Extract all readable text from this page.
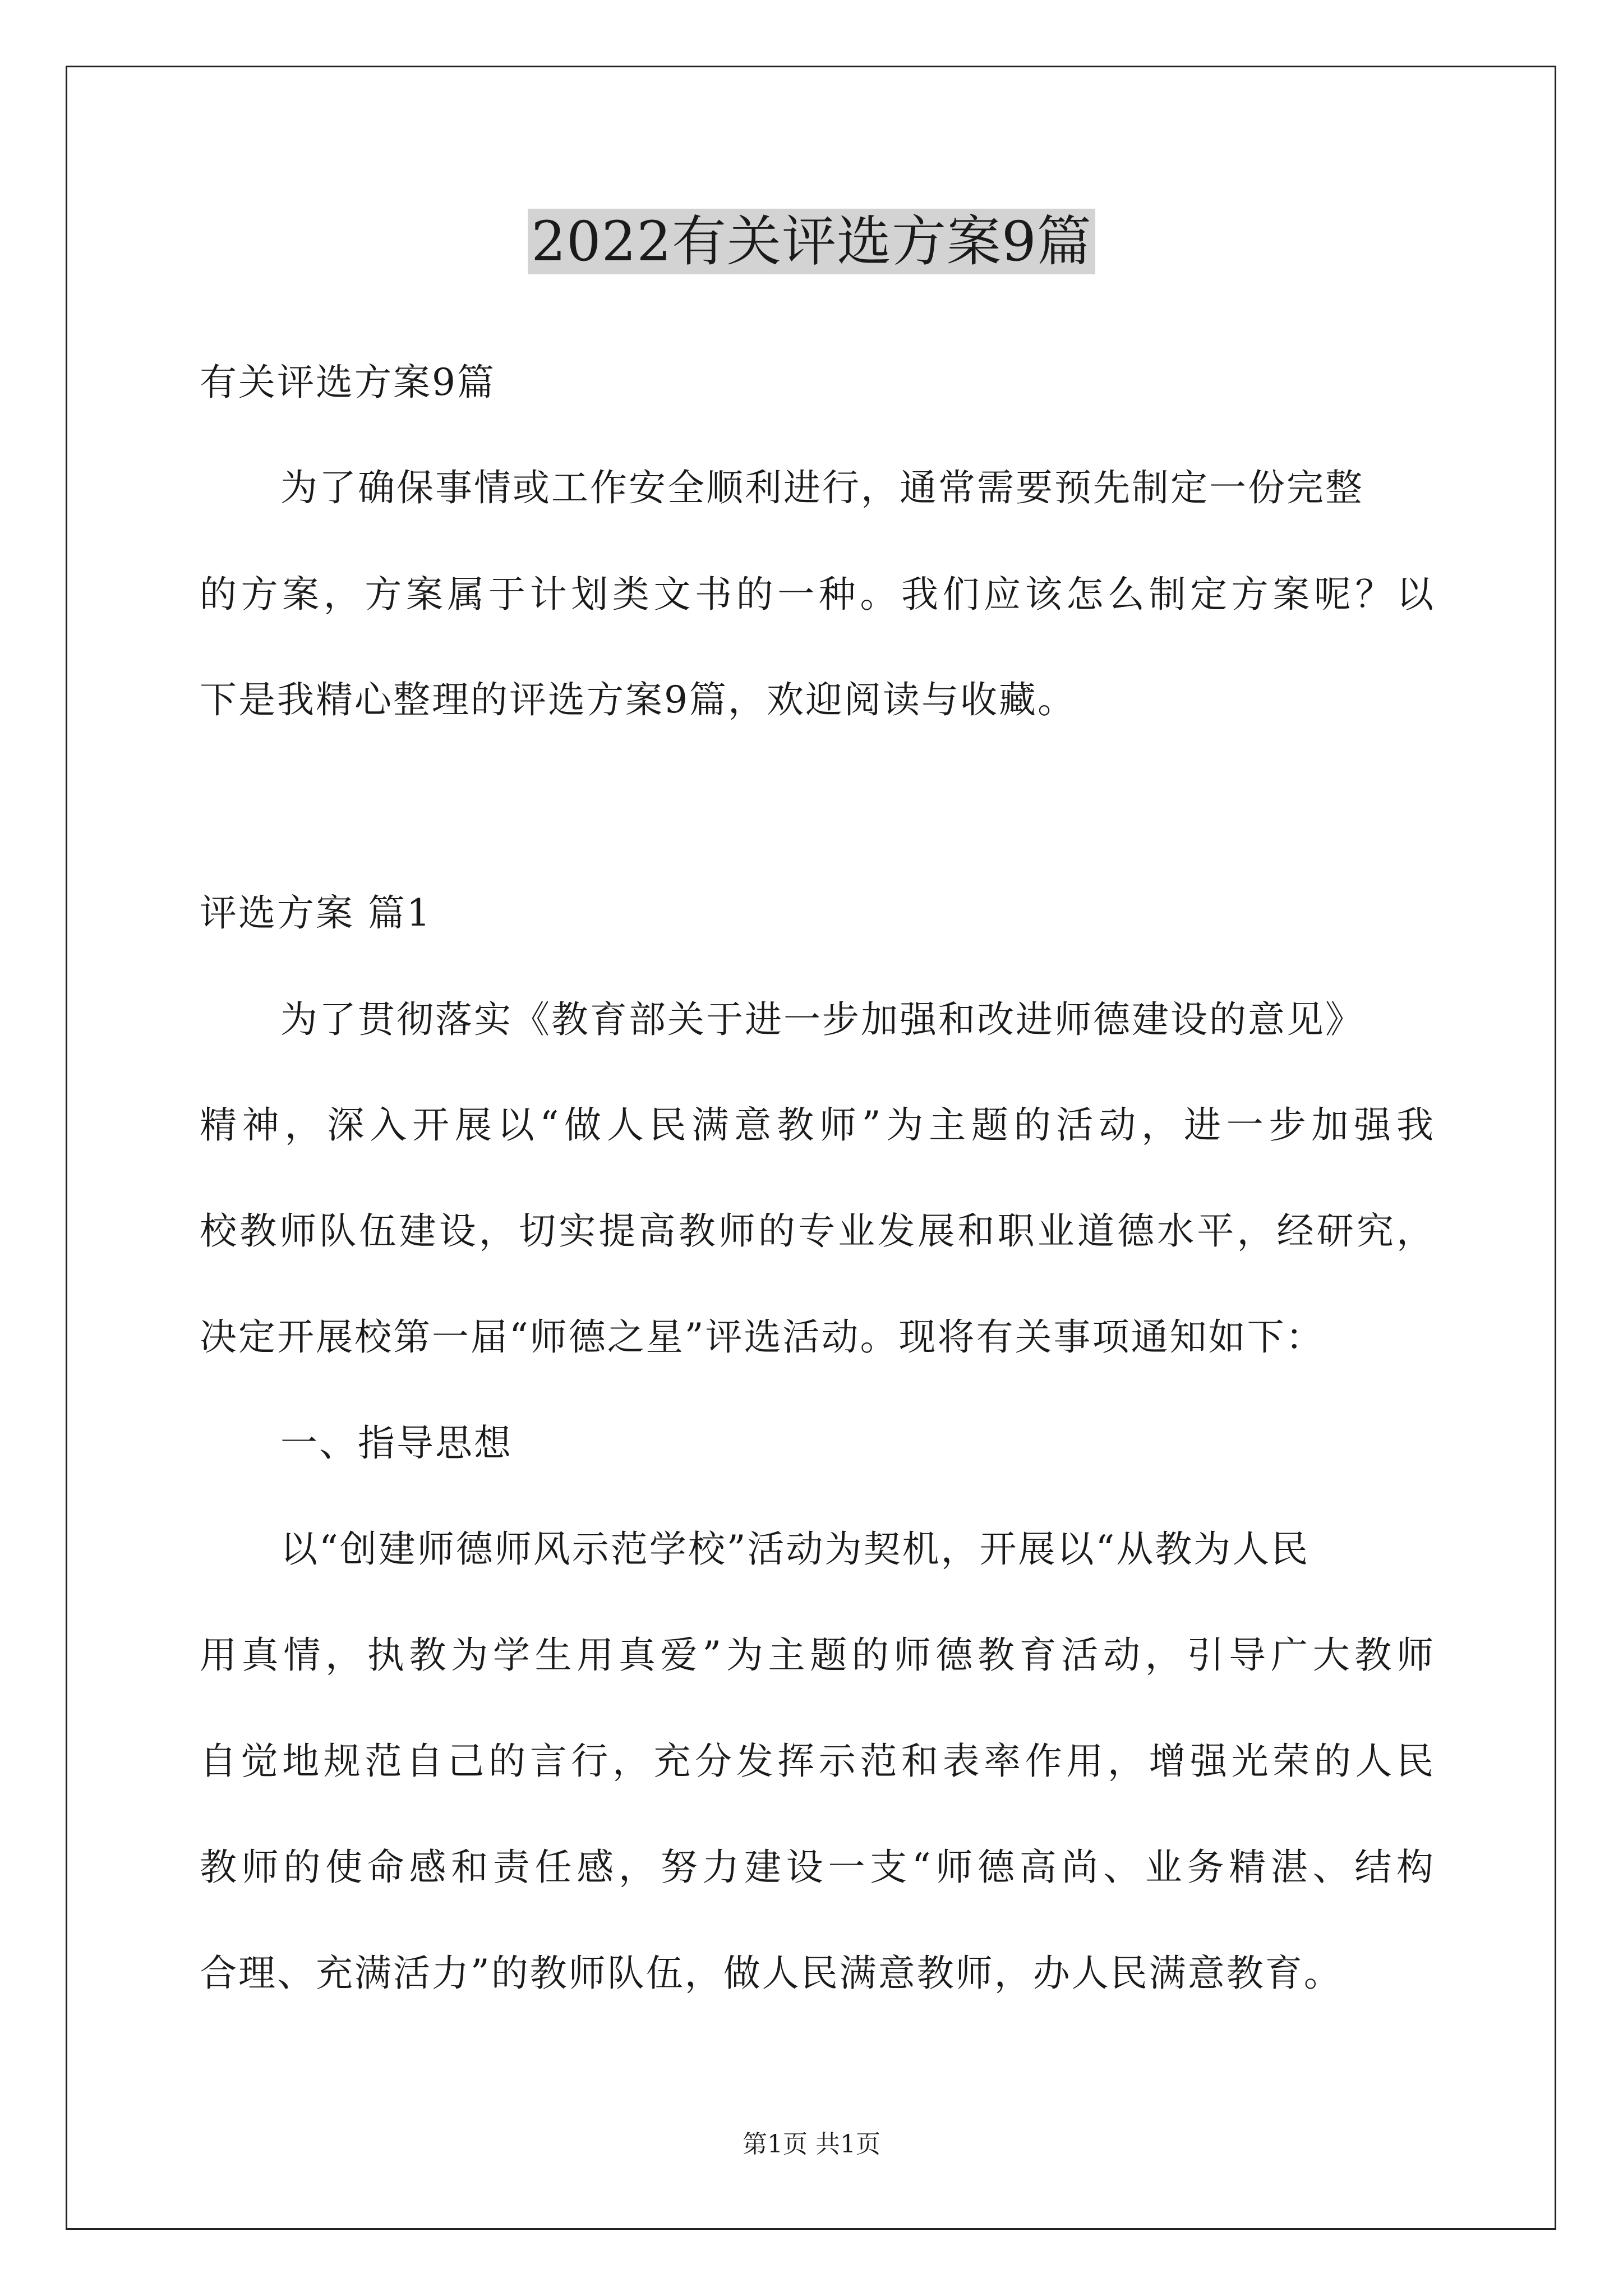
2022有关评选方案9篇
有关评选方案9篇
为了确保事情或工作安全顺利进行，通常需要预先制定一份完整
的方案，方案属于计划类文书的一种。我们应该怎么制定方案呢？以
下是我精心整理的评选方案9篇，欢迎阅读与收藏。
评选方案 篇1
为了贯彻落实《教育部关于进一步加强和改进师德建设的意见》
精神，深入开展以“做人民满意教师”为主题的活动，进一步加强我
校教师队伍建设，切实提高教师的专业发展和职业道德水平，经研究，
决定开展校第一届“师德之星”评选活动。现将有关事项通知如下：
一、指导思想
以“创建师德师风示范学校”活动为契机，开展以“从教为人民
用真情，执教为学生用真爱”为主题的师德教育活动，引导广大教师
自觉地规范自己的言行，充分发挥示范和表率作用，增强光荣的人民
教师的使命感和责任感，努力建设一支“师德高尚、业务精湛、结构
合理、充满活力”的教师队伍，做人民满意教师，办人民满意教育。
第1页 共1页
